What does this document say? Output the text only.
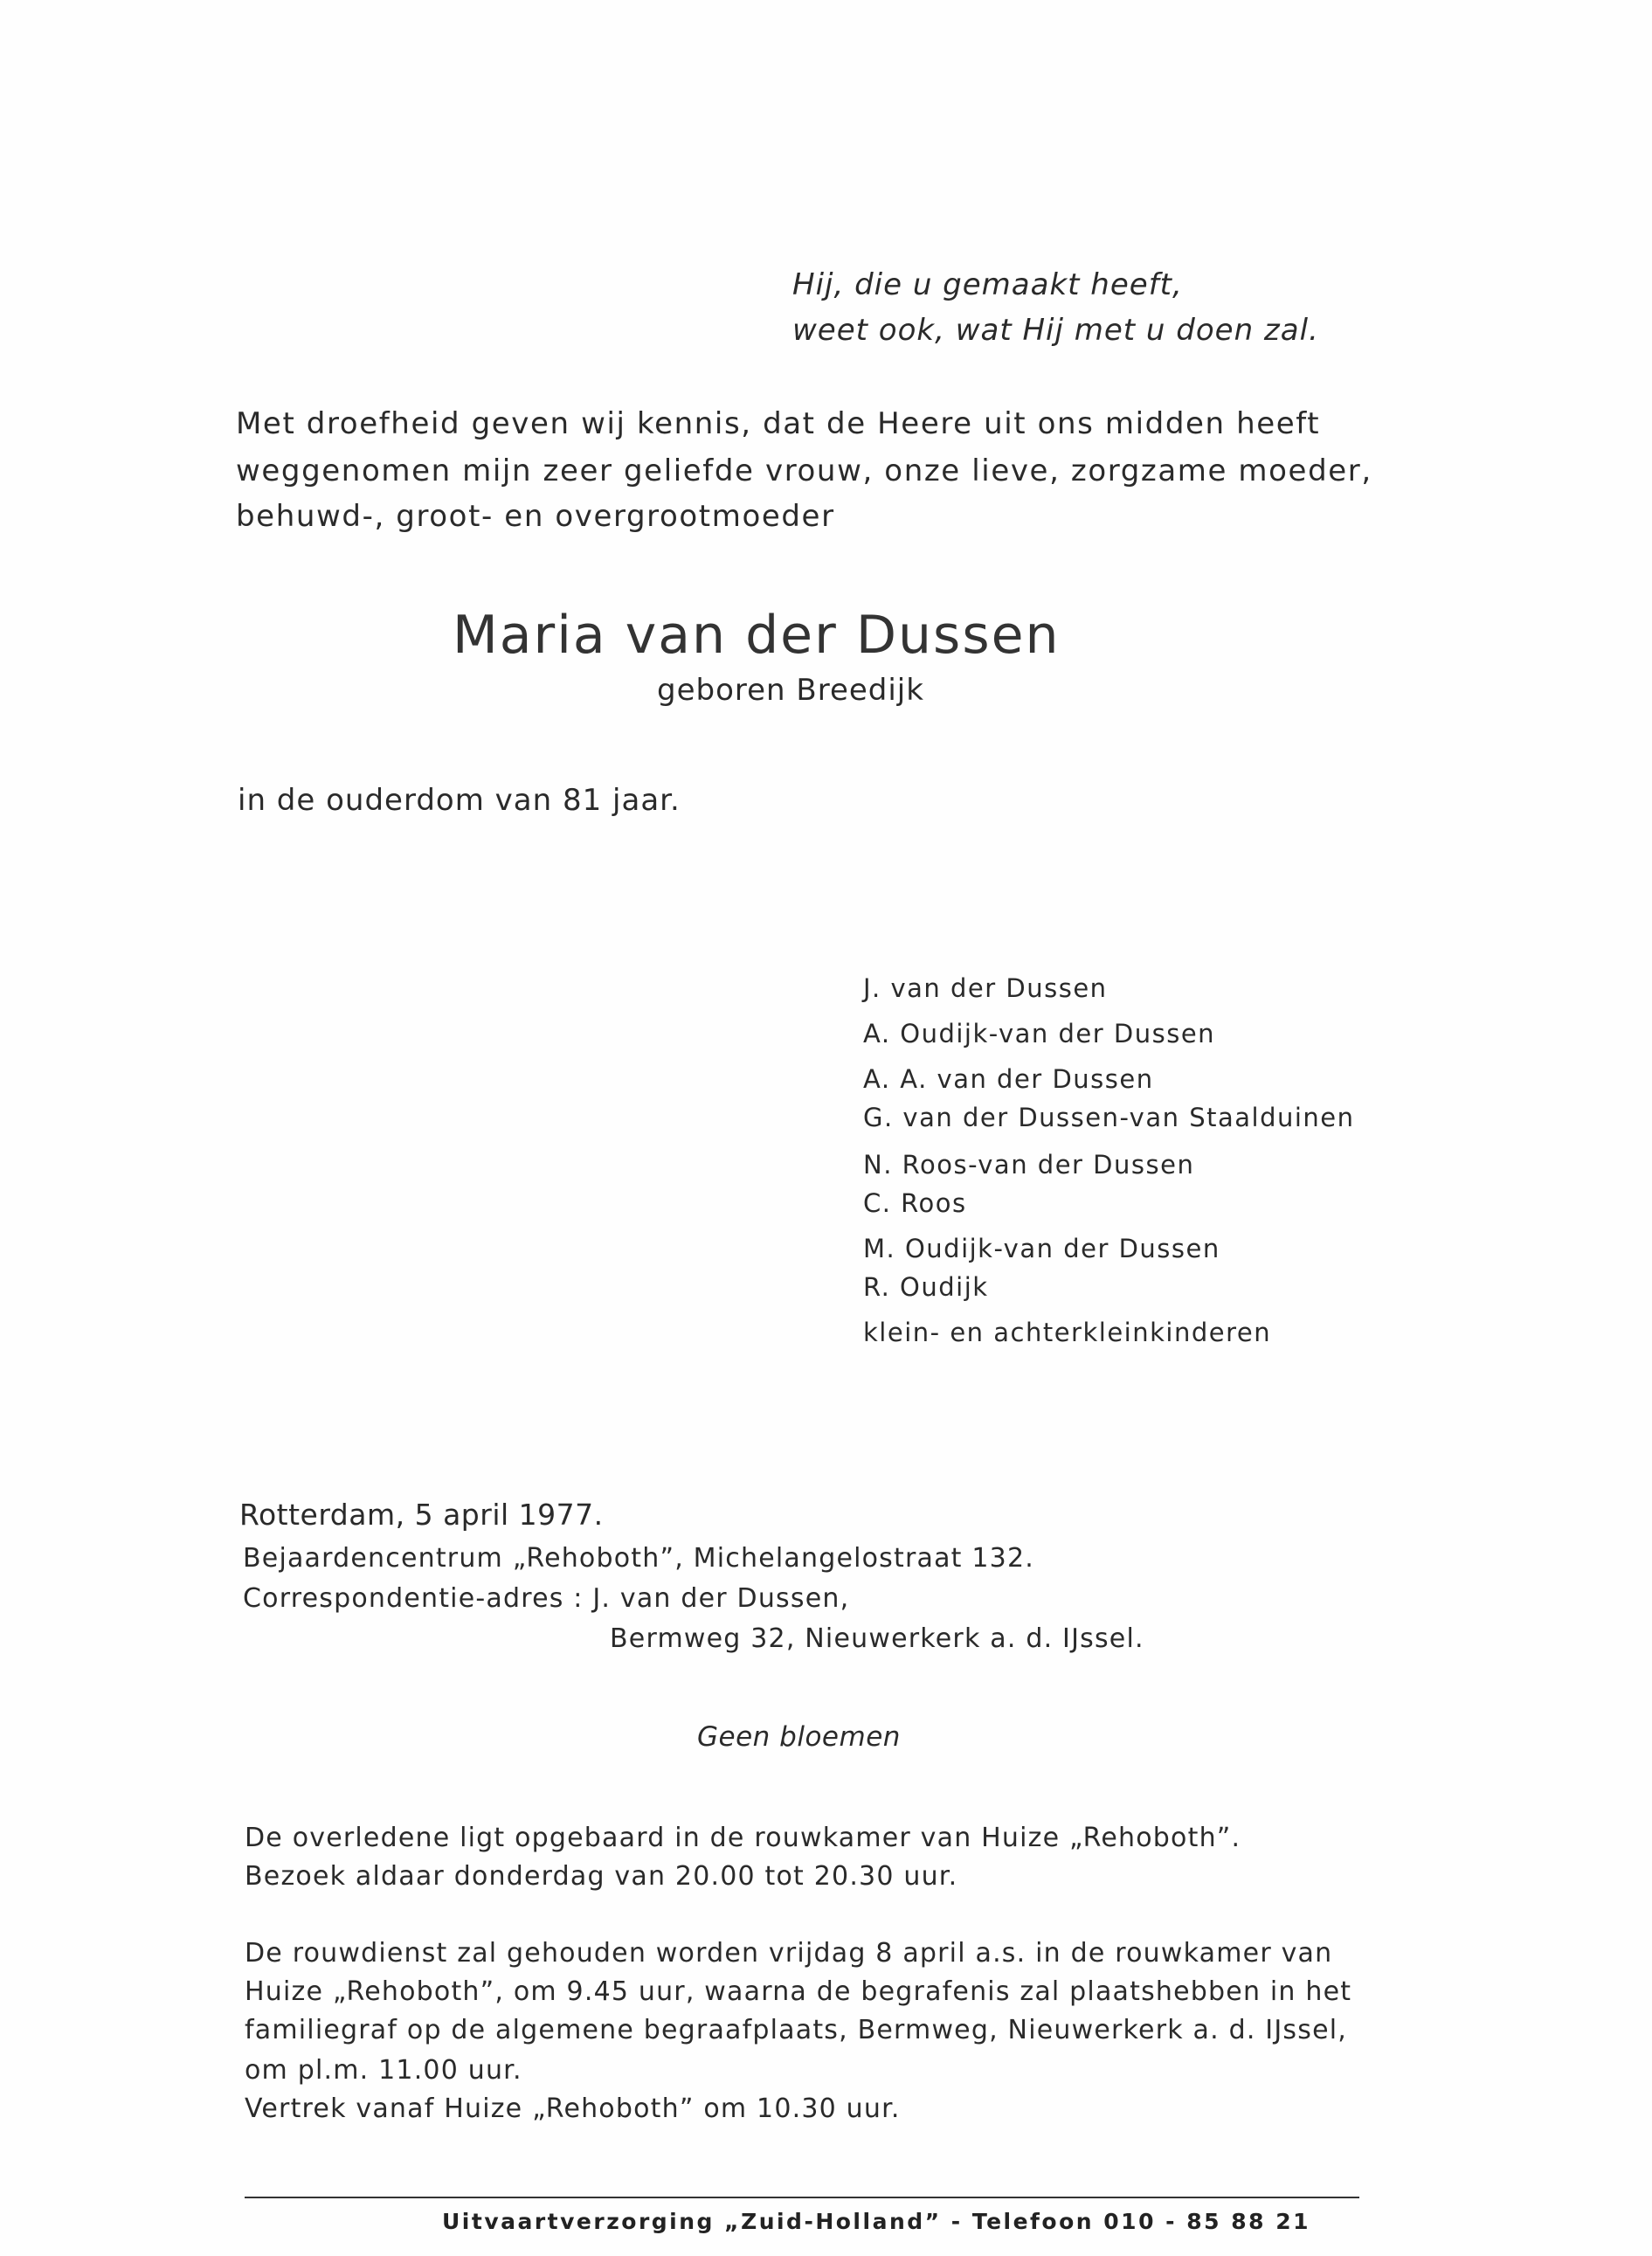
Hij, die u gemaakt heeft,
weet ook, wat Hij met u doen zal.
Met droefheid geven wij kennis, dat de Heere uit ons midden heeft
weggenomen mijn zeer geliefde vrouw, onze lieve, zorgzame moeder,
behuwd-, groot- en overgrootmoeder
Maria van der Dussen
geboren Breedijk
in de ouderdom van 81 jaar.
J. van der Dussen
A. Oudijk-van der Dussen
A. A. van der Dussen
G. van der Dussen-van Staalduinen
N. Roos-van der Dussen
C. Roos
M. Oudijk-van der Dussen
R. Oudijk
klein- en achterkleinkinderen
Rotterdam, 5 april 1977.
Bejaardencentrum „Rehoboth”, Michelangelostraat 132.
Correspondentie-adres : J. van der Dussen,
Bermweg 32, Nieuwerkerk a. d. IJssel.
Geen bloemen
De overledene ligt opgebaard in de rouwkamer van Huize „Rehoboth”.
Bezoek aldaar donderdag van 20.00 tot 20.30 uur.
De rouwdienst zal gehouden worden vrijdag 8 april a.s. in de rouwkamer van
Huize „Rehoboth”, om 9.45 uur, waarna de begrafenis zal plaatshebben in het
familiegraf op de algemene begraafplaats, Bermweg, Nieuwerkerk a. d. IJssel,
om pl.m. 11.00 uur.
Vertrek vanaf Huize „Rehoboth” om 10.30 uur.
Uitvaartverzorging „Zuid-Holland” - Telefoon 010 - 85 88 21
